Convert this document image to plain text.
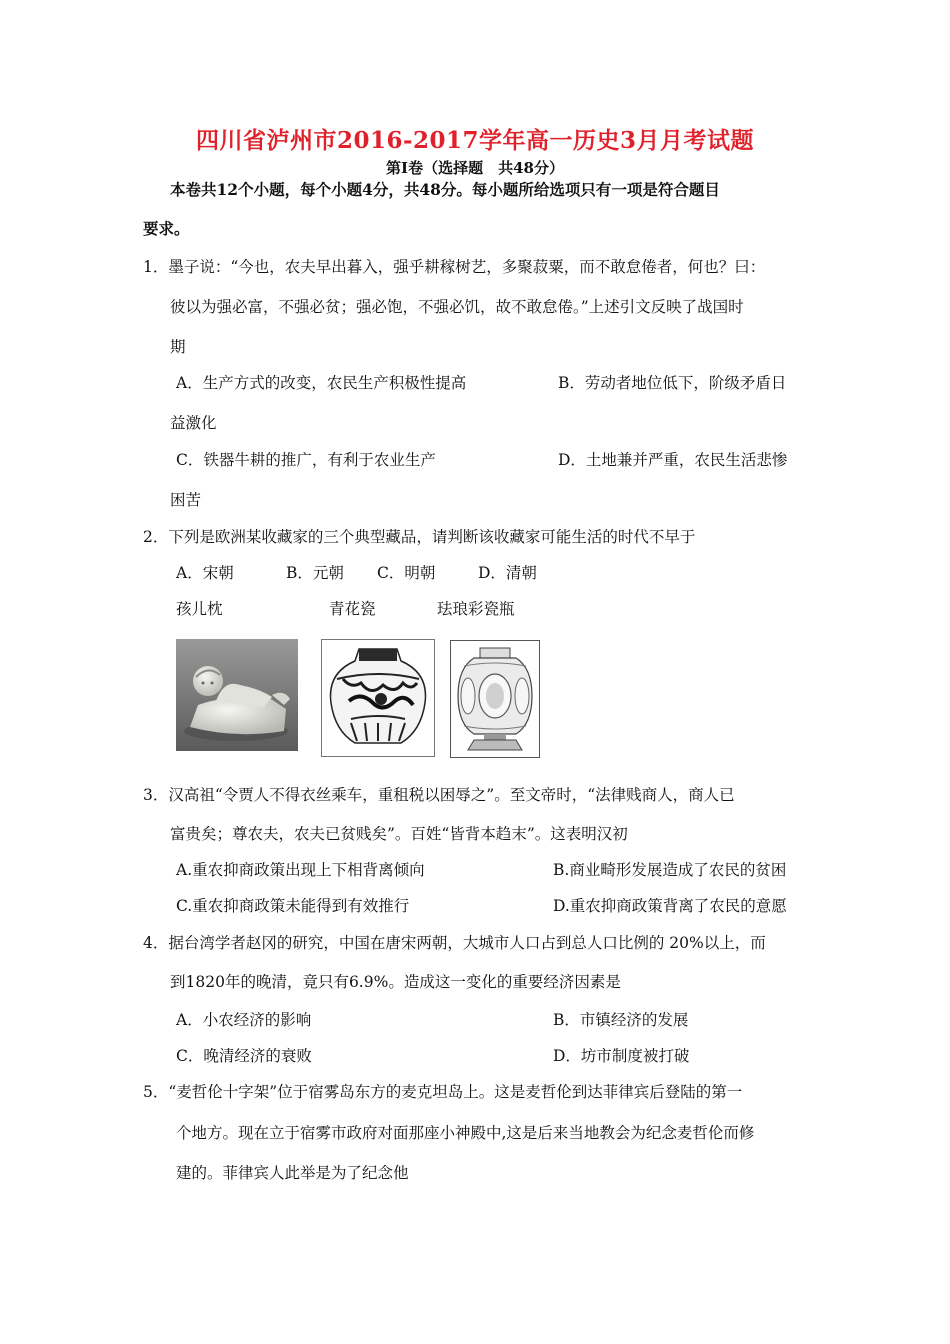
四川省泸州市2016-2017学年高一历史3月月考试题
第Ⅰ卷（选择题　共48分）
本卷共12个小题，每个小题4分，共48分。每小题所给选项只有一项是符合题目
要求。
1．墨子说：“今也，农夫早出暮入，强乎耕稼树艺，多聚菽粟，而不敢怠倦者，何也？曰：
彼以为强必富，不强必贫；强必饱，不强必饥，故不敢怠倦。”上述引文反映了战国时
期
A．生产方式的改变，农民生产积极性提高	B．劳动者地位低下，阶级矛盾日
益激化
C．铁器牛耕的推广，有利于农业生产	D．土地兼并严重，农民生活悲惨
困苦
2．下列是欧洲某收藏家的三个典型藏品，请判断该收藏家可能生活的时代不早于
A．宋朝	B．元朝 C．明朝	D．清朝
孩儿枕	青花瓷	珐琅彩瓷瓶
3．汉高祖“令贾人不得衣丝乘车，重租税以困辱之”。至文帝时，“法律贱商人，商人已
富贵矣；尊农夫，农夫已贫贱矣”。百姓“皆背本趋末”。这表明汉初
A.重农抑商政策出现上下相背离倾向	B.商业畸形发展造成了农民的贫困
C.重农抑商政策未能得到有效推行	D.重农抑商政策背离了农民的意愿
4．据台湾学者赵冈的研究，中国在唐宋两朝，大城市人口占到总人口比例的 20%以上，而
到1820年的晚清，竟只有6.9%。造成这一变化的重要经济因素是
A．小农经济的影响	B．市镇经济的发展
C．晚清经济的衰败	D．坊市制度被打破
5．“麦哲伦十字架”位于宿雾岛东方的麦克坦岛上。这是麦哲伦到达菲律宾后登陆的第一
个地方。现在立于宿雾市政府对面那座小神殿中,这是后来当地教会为纪念麦哲伦而修
建的。菲律宾人此举是为了纪念他
